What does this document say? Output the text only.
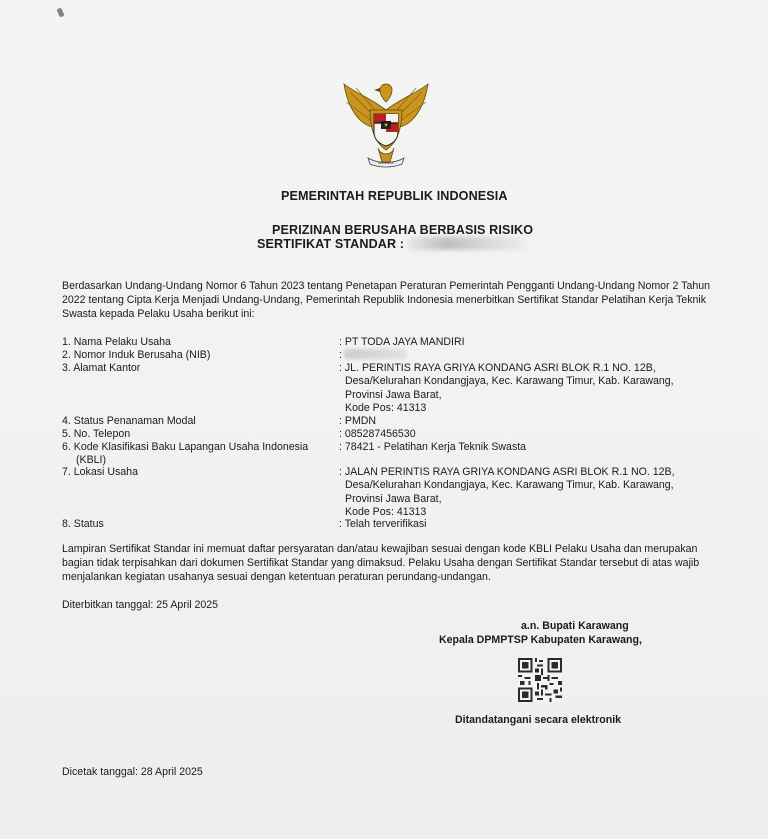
BHINNEKA
PEMERINTAH REPUBLIK INDONESIA
PERIZINAN BERUSAHA BERBASIS RISIKO
SERTIFIKAT STANDAR :
Berdasarkan Undang-Undang Nomor 6 Tahun 2023 tentang Penetapan Peraturan Pemerintah Pengganti Undang-Undang Nomor 2 Tahun 2022 tentang Cipta Kerja Menjadi Undang-Undang, Pemerintah Republik Indonesia menerbitkan Sertifikat Standar Pelatihan Kerja Teknik Swasta kepada Pelaku Usaha berikut ini:
1. Nama Pelaku Usaha	: PT TODA JAYA MANDIRI
2. Nomor Induk Berusaha (NIB)	:
3. Alamat Kantor	: JL. PERINTIS RAYA GRIYA KONDANG ASRI BLOK R.1 NO. 12B,
Desa/Kelurahan Kondangjaya, Kec. Karawang Timur, Kab. Karawang,
Provinsi Jawa Barat,
Kode Pos: 41313
4. Status Penanaman Modal	: PMDN
5. No. Telepon	: 085287456530
6. Kode Klasifikasi Baku Lapangan Usaha Indonesia
(KBLI)
: 78421 - Pelatihan Kerja Teknik Swasta
7. Lokasi Usaha	: JALAN PERINTIS RAYA GRIYA KONDANG ASRI BLOK R.1 NO. 12B,
Desa/Kelurahan Kondangjaya, Kec. Karawang Timur, Kab. Karawang,
Provinsi Jawa Barat,
Kode Pos: 41313
8. Status	: Telah terverifikasi
Lampiran Sertifikat Standar ini memuat daftar persyaratan dan/atau kewajiban sesuai dengan kode KBLI Pelaku Usaha dan merupakan bagian tidak terpisahkan dari dokumen Sertifikat Standar yang dimaksud. Pelaku Usaha dengan Sertifikat Standar tersebut di atas wajib menjalankan kegiatan usahanya sesuai dengan ketentuan peraturan perundang-undangan.
Diterbitkan tanggal: 25 April 2025
a.n. Bupati Karawang
Kepala DPMPTSP Kabupaten Karawang,
Ditandatangani secara elektronik
Dicetak tanggal: 28 April 2025
